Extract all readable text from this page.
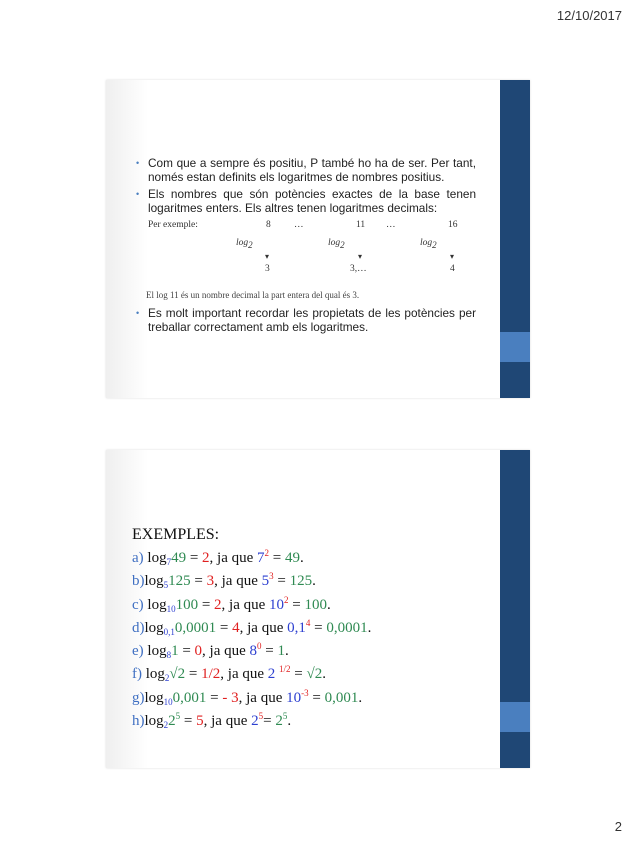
12/10/2017
• Com que a sempre és positiu, P també ho ha de ser. Per tant, només estan definits els logaritmes de nombres positius.
• Els nombres que són potències exactes de la base tenen logaritmes enters. Els altres tenen logaritmes decimals:
Per exemple:	8 …	11 …	16
$\log_2$	$\log_2$	$\log_2$
▾	▾	▾
3	3,…	4
El log 11 és un nombre decimal la part entera del qual és 3.
• Es molt important recordar les propietats de les potències per treballar correctament amb els logaritmes.
EXEMPLES:
a) $\log_749 = 2$, ja que $7^2 = 49$.
$b)\log_5125 = 3$, ja que $5^3 = 125$.
c) $\log_{10}100 = 2$, ja que $10^2 = 100$.
$d)\log_{0,1}0,0001 = 4$, ja que $0,1^4 = 0,0001$.
e) $\log_81 = 0$, ja que $8^0 = 1$.
f) $\log_2√2 = 1/2$, ja que 2 $^{1/2}$ = √2.
$g)\log_{10}0,001$ = - 3, ja que $10^{-3} = 0,001$.
$h)\log_22^5 = 5$, ja que $2^5= 2^5$.
2
